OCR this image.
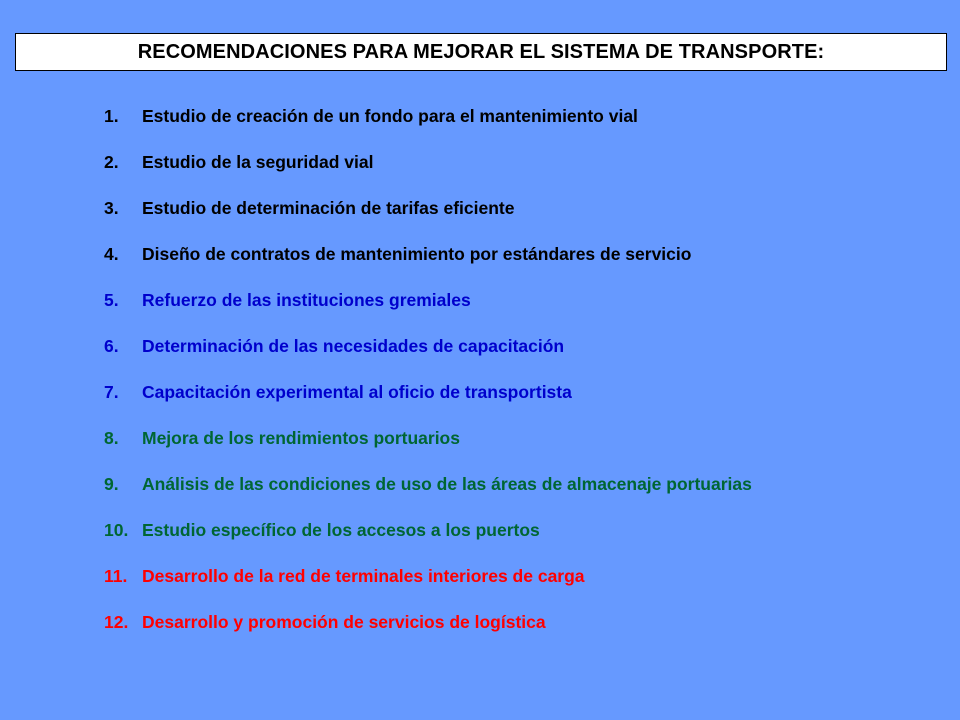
RECOMENDACIONES PARA MEJORAR EL SISTEMA DE TRANSPORTE:
1.	Estudio de creación de un fondo para el mantenimiento vial
2.	Estudio de la seguridad vial
3.	Estudio de determinación de tarifas eficiente
4.	Diseño de contratos de mantenimiento por estándares de servicio
5.	Refuerzo de las instituciones gremiales
6.	Determinación de las necesidades de capacitación
7.	Capacitación experimental al oficio de transportista
8.	Mejora de los rendimientos portuarios
9.	Análisis de las condiciones de uso de las áreas de almacenaje portuarias
10. Estudio específico de los accesos a los puertos
11. Desarrollo de la red de terminales interiores de carga
12. Desarrollo y promoción de servicios de logística
